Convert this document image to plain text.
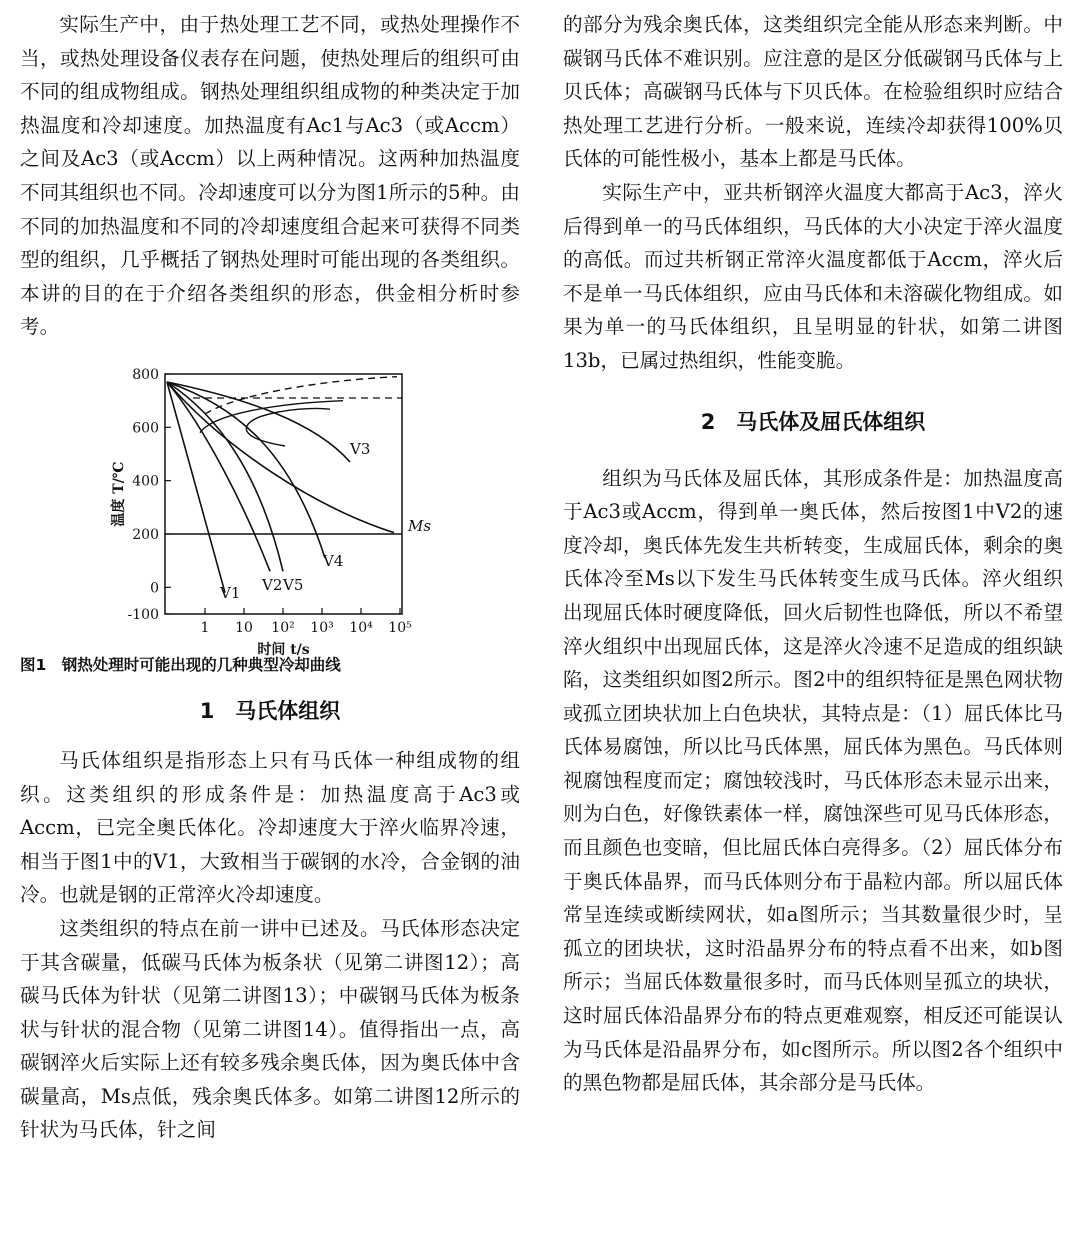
实际生产中，由于热处理工艺不同，或热处理操作不当，或热处理设备仪表存在问题，使热处理后的组织可由不同的组成物组成。钢热处理组织组成物的种类决定于加热温度和冷却速度。加热温度有Ac1与Ac3（或Accm）之间及Ac3（或Accm）以上两种情况。这两种加热温度不同其组织也不同。冷却速度可以分为图1所示的5种。由不同的加热温度和不同的冷却速度组合起来可获得不同类型的组织，几乎概括了钢热处理时可能出现的各类组织。本讲的目的在于介绍各类组织的形态，供金相分析时参考。

-100
0
200
400
600
800
温度 T/℃
1 10 10² 10³ 10⁴ 10⁵
时间 t/s
Ms
V1 V2
V3
V4
V5

图1　钢热处理时可能出现的几种典型冷却曲线

1　马氏体组织

马氏体组织是指形态上只有马氏体一种组成物的组织。这类组织的形成条件是：加热温度高于Ac3或Accm，已完全奥氏体化。冷却速度大于淬火临界冷速，相当于图1中的V1，大致相当于碳钢的水冷，合金钢的油冷。也就是钢的正常淬火冷却速度。

这类组织的特点在前一讲中已述及。马氏体形态决定于其含碳量，低碳马氏体为板条状（见第二讲图12）；高碳马氏体为针状（见第二讲图13）；中碳钢马氏体为板条状与针状的混合物（见第二讲图14）。值得指出一点，高碳钢淬火后实际上还有较多残余奥氏体，因为奥氏体中含碳量高，Ms点低，残余奥氏体多。如第二讲图12所示的针状为马氏体，针之间

的部分为残余奥氏体，这类组织完全能从形态来判断。中碳钢马氏体不难识别。应注意的是区分低碳钢马氏体与上贝氏体；高碳钢马氏体与下贝氏体。在检验组织时应结合热处理工艺进行分析。一般来说，连续冷却获得100%贝氏体的可能性极小，基本上都是马氏体。

实际生产中，亚共析钢淬火温度大都高于Ac3，淬火后得到单一的马氏体组织，马氏体的大小决定于淬火温度的高低。而过共析钢正常淬火温度都低于Accm，淬火后不是单一马氏体组织，应由马氏体和未溶碳化物组成。如果为单一的马氏体组织，且呈明显的针状，如第二讲图13b，已属过热组织，性能变脆。

2　马氏体及屈氏体组织

组织为马氏体及屈氏体，其形成条件是：加热温度高于Ac3或Accm，得到单一奥氏体，然后按图1中V2的速度冷却，奥氏体先发生共析转变，生成屈氏体，剩余的奥氏体冷至Ms以下发生马氏体转变生成马氏体。淬火组织出现屈氏体时硬度降低，回火后韧性也降低，所以不希望淬火组织中出现屈氏体，这是淬火冷速不足造成的组织缺陷，这类组织如图2所示。图2中的组织特征是黑色网状物或孤立团块状加上白色块状，其特点是：（1）屈氏体比马氏体易腐蚀，所以比马氏体黑，屈氏体为黑色。马氏体则视腐蚀程度而定；腐蚀较浅时，马氏体形态未显示出来，则为白色，好像铁素体一样，腐蚀深些可见马氏体形态，而且颜色也变暗，但比屈氏体白亮得多。（2）屈氏体分布于奥氏体晶界，而马氏体则分布于晶粒内部。所以屈氏体常呈连续或断续网状，如a图所示；当其数量很少时，呈孤立的团块状，这时沿晶界分布的特点看不出来，如b图所示；当屈氏体数量很多时，而马氏体则呈孤立的块状，这时屈氏体沿晶界分布的特点更难观察，相反还可能误认为马氏体是沿晶界分布，如c图所示。所以图2各个组织中的黑色物都是屈氏体，其余部分是马氏体。
